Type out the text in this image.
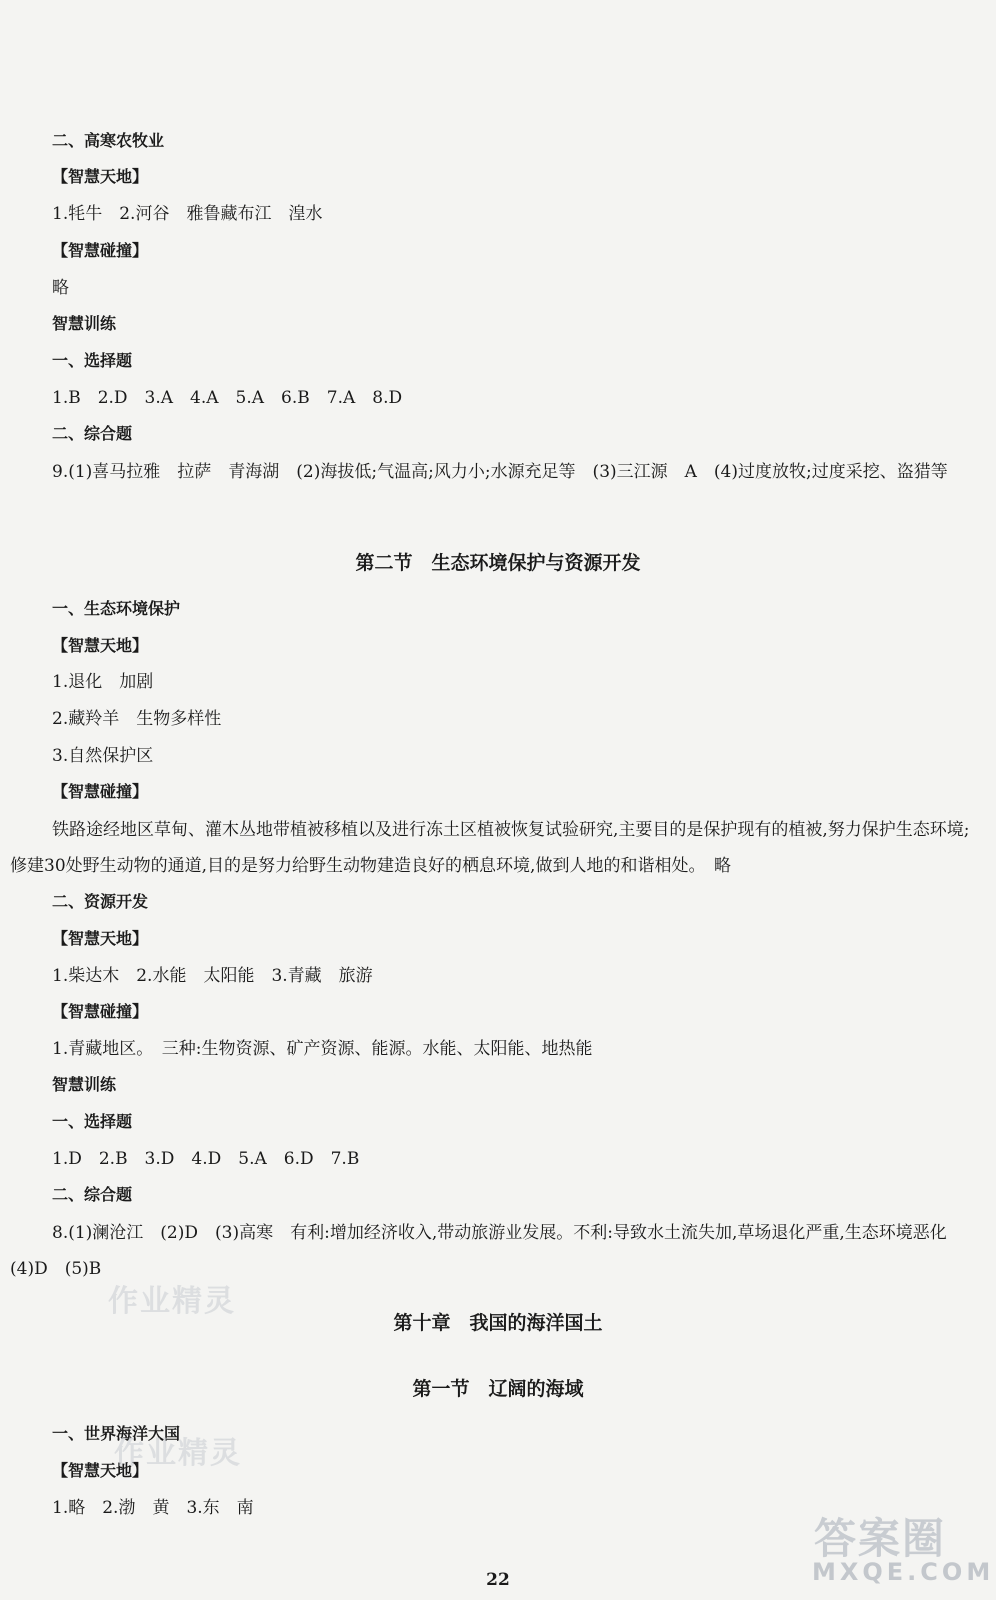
二、高寒农牧业
【智慧天地】
1.牦牛　2.河谷　雅鲁藏布江　湟水
【智慧碰撞】
略
智慧训练
一、选择题
1.B　2.D　3.A　4.A　5.A　6.B　7.A　8.D
二、综合题
9.(1)喜马拉雅　拉萨　青海湖　(2)海拔低;气温高;风力小;水源充足等　(3)三江源　A　(4)过度放牧;过度采挖、盗猎等
第二节　生态环境保护与资源开发
一、生态环境保护
【智慧天地】
1.退化　加剧
2.藏羚羊　生物多样性
3.自然保护区
【智慧碰撞】
铁路途经地区草甸、灌木丛地带植被移植以及进行冻土区植被恢复试验研究,主要目的是保护现有的植被,努力保护生态环境;修建30处野生动物的通道,目的是努力给野生动物建造良好的栖息环境,做到人地的和谐相处。　略
二、资源开发
【智慧天地】
1.柴达木　2.水能　太阳能　3.青藏　旅游
【智慧碰撞】
1.青藏地区。　三种:生物资源、矿产资源、能源。水能、太阳能、地热能
智慧训练
一、选择题
1.D　2.B　3.D　4.D　5.A　6.D　7.B
二、综合题
8.(1)澜沧江　(2)D　(3)高寒　有利:增加经济收入,带动旅游业发展。不利:导致水土流失加,草场退化严重,生态环境恶化　(4)D　(5)B
第十章　我国的海洋国土
第一节　辽阔的海域
一、世界海洋大国
【智慧天地】
1.略　2.渤　黄　3.东　南
22
作业精灵
作业精灵
答案圈
MXQE.COM
